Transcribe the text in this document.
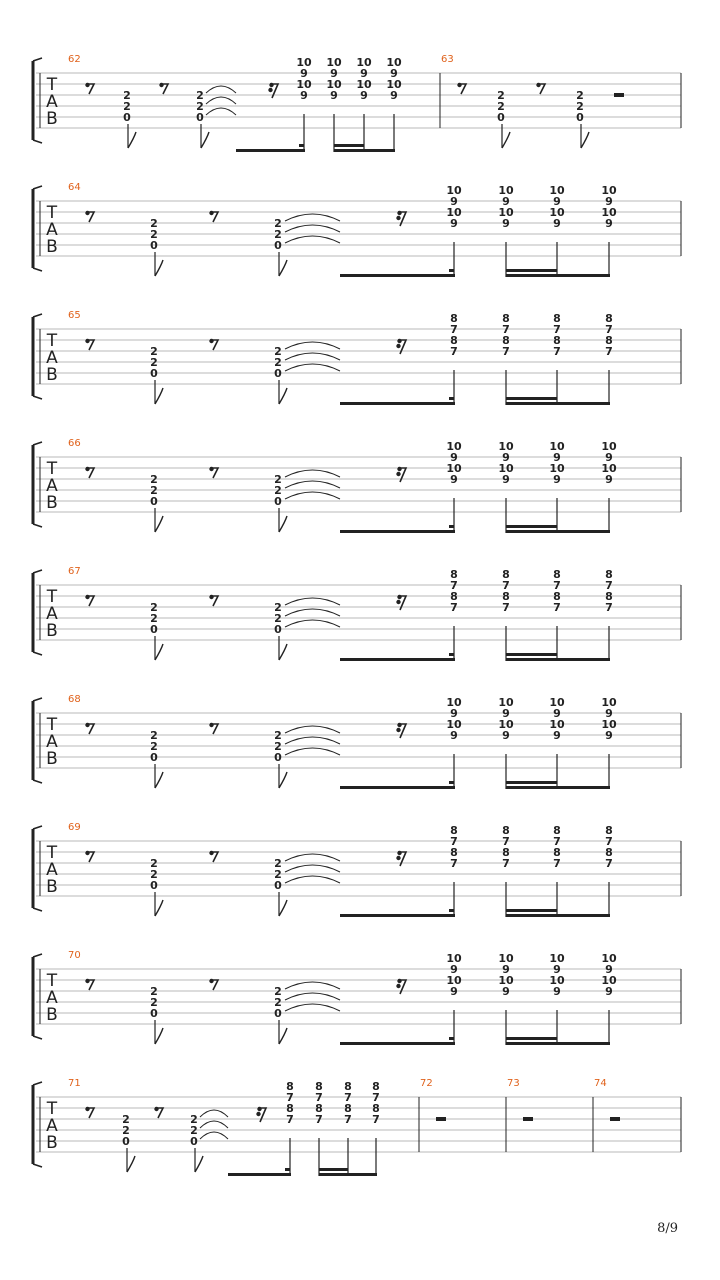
T
A
B
62
2
2
0
2
2
0
10
9
10
9
10
9
10
9
10
9
10
9
10
9
10
9
63
2
2
0
2
2
0
T
A
B
64
2
2
0
2
2
0
10
9
10
9
10
9
10
9
10
9
10
9
10
9
10
9
T
A
B
65
2
2
0
2
2
0
8
7
8
7
8
7
8
7
8
7
8
7
8
7
8
7
T
A
B
66
2
2
0
2
2
0
10
9
10
9
10
9
10
9
10
9
10
9
10
9
10
9
T
A
B
67
2
2
0
2
2
0
8
7
8
7
8
7
8
7
8
7
8
7
8
7
8
7
T
A
B
68
2
2
0
2
2
0
10
9
10
9
10
9
10
9
10
9
10
9
10
9
10
9
T
A
B
69
2
2
0
2
2
0
8
7
8
7
8
7
8
7
8
7
8
7
8
7
8
7
T
A
B
70
2
2
0
2
2
0
10
9
10
9
10
9
10
9
10
9
10
9
10
9
10
9
T
A
B
71
2
2
0
2
2
0
8
7
8
7
8
7
8
7
8
7
8
7
8
7
8
7
72	73	74
8/9
